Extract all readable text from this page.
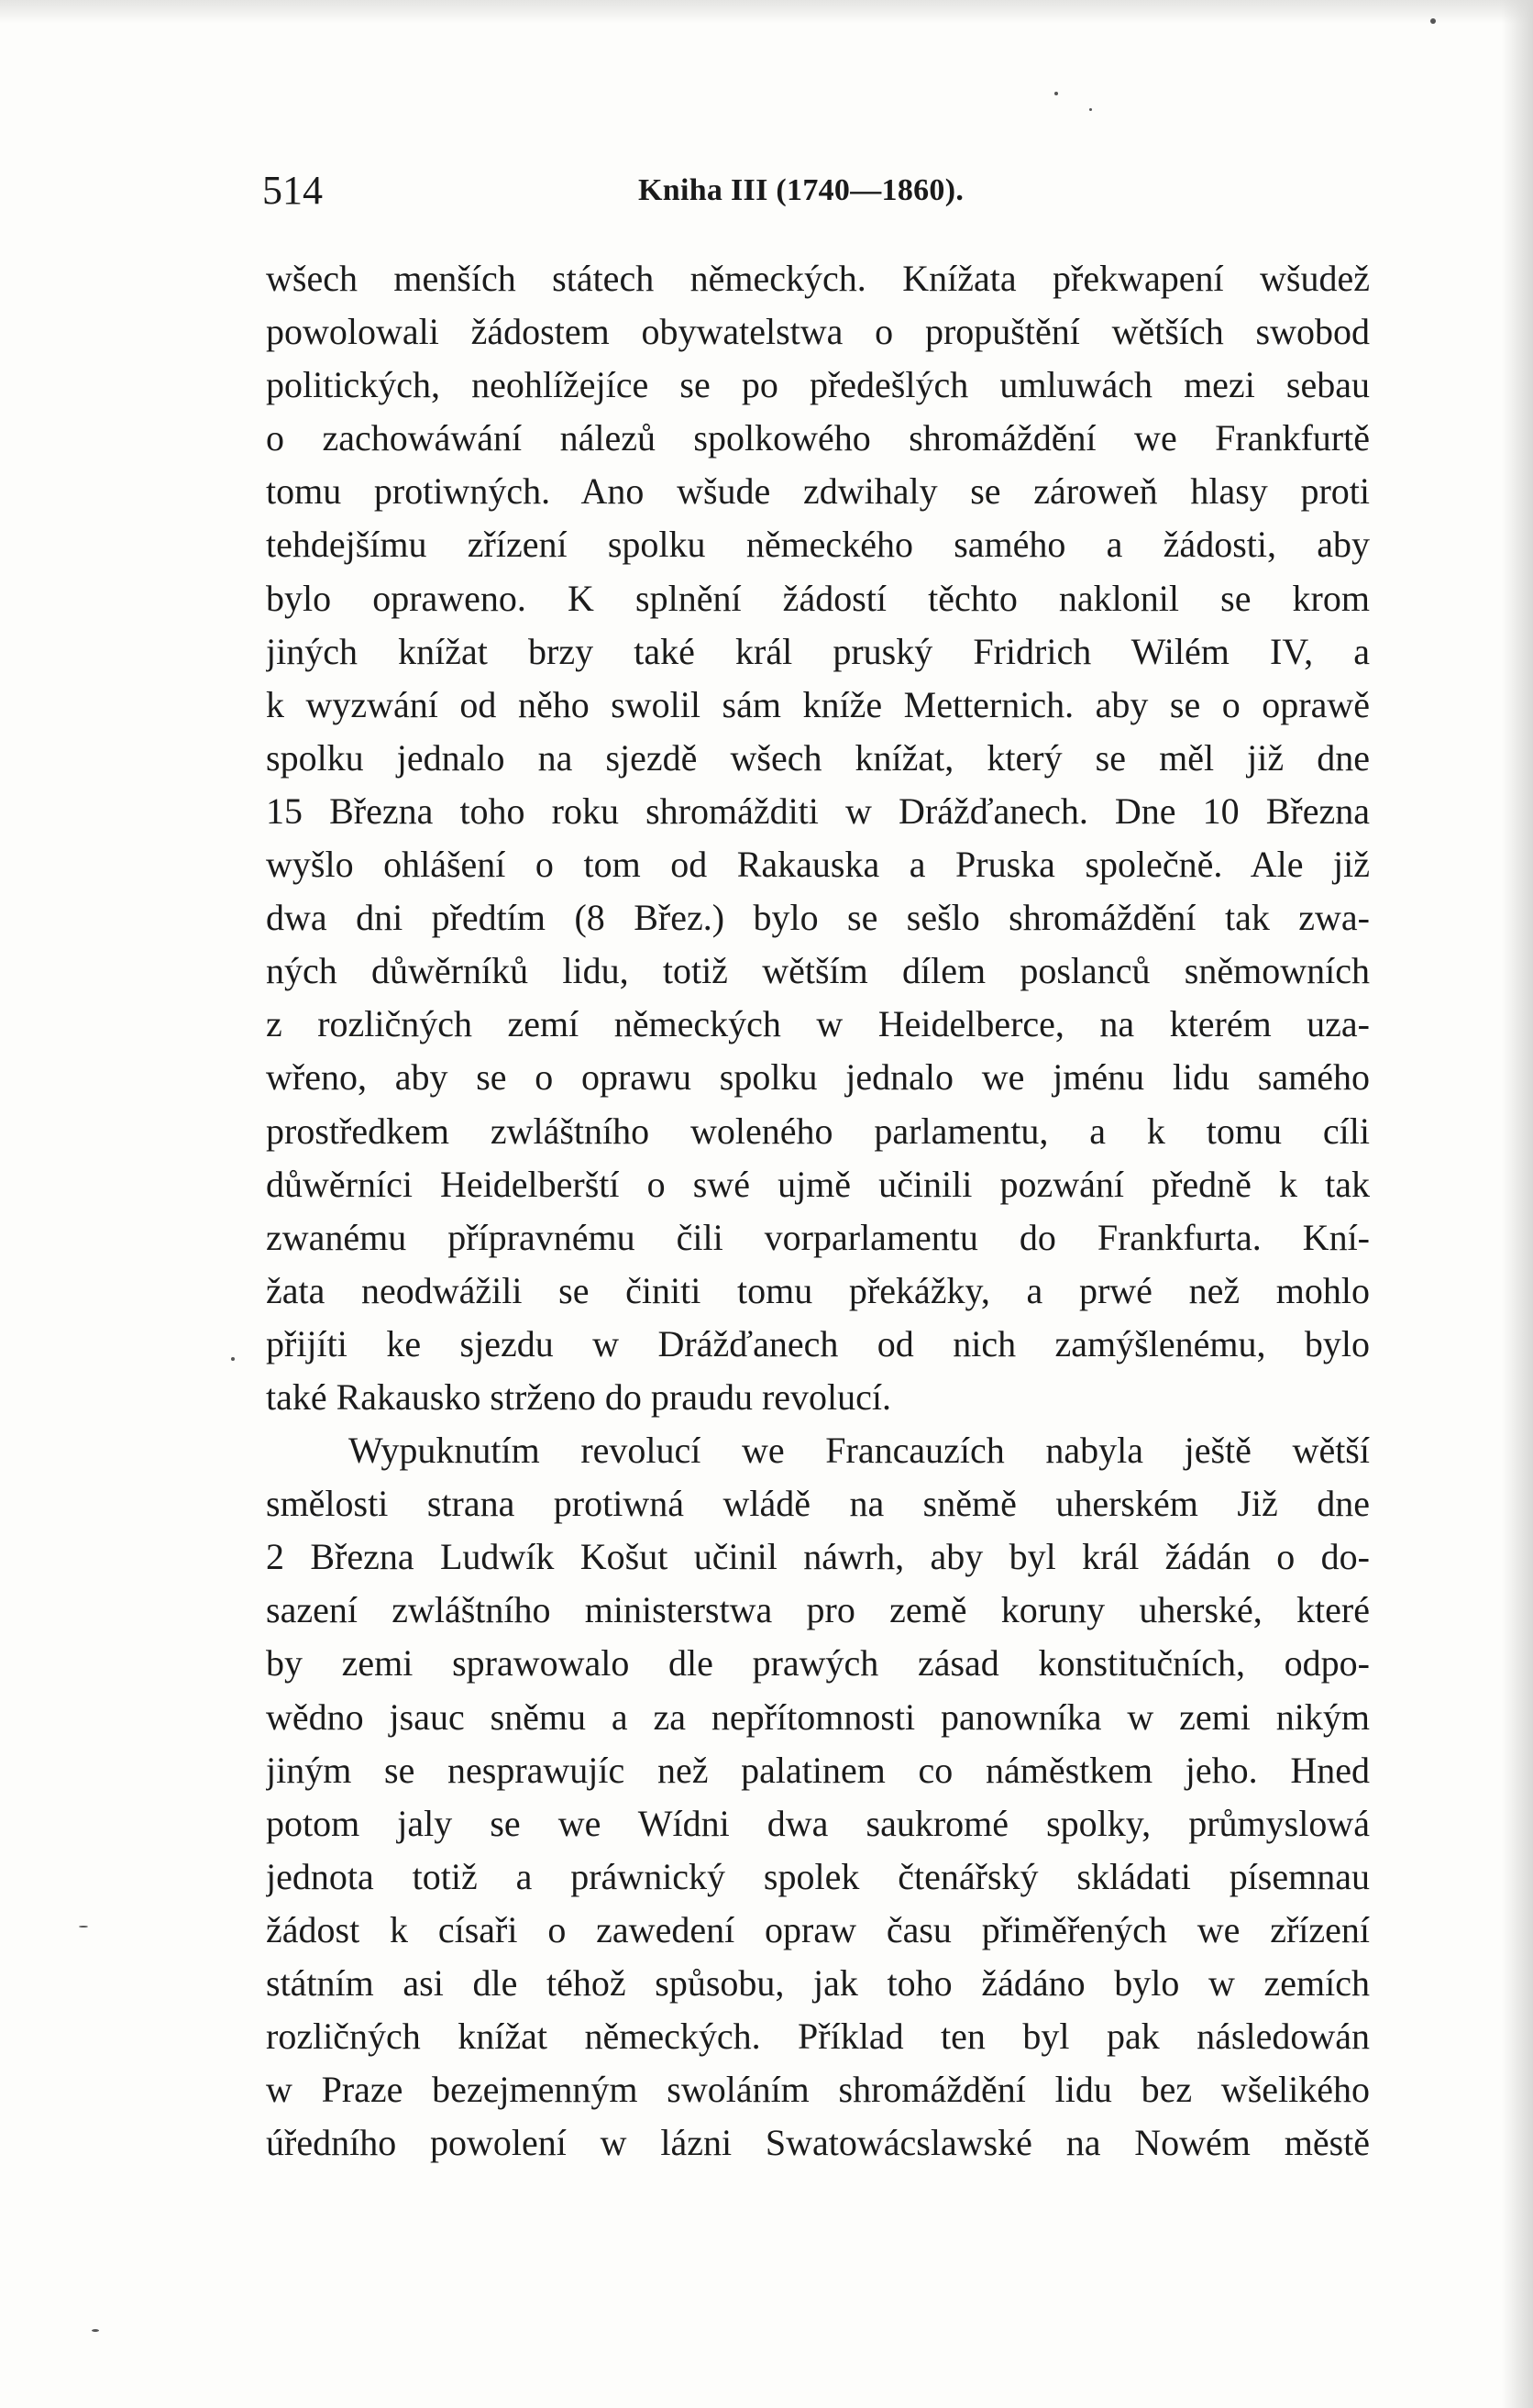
514	Kniha III (1740—1860).
wšech menších státech německých. Knížata překwapení wšudež
powolowali žádostem obywatelstwa o propuštění wětších swobod
politických, neohlížejíce se po předešlých umluwách mezi sebau
o zachowáwání nálezů spolkowého shromáždění we Frankfurtě
tomu protiwných. Ano wšude zdwihaly se zároweň hlasy proti
tehdejšímu zřízení spolku německého samého a žádosti, aby
bylo opraweno. K splnění žádostí těchto naklonil se krom
jiných knížat brzy také král pruský Fridrich Wilém IV, a
k wyzwání od něho swolil sám kníže Metternich. aby se o oprawě
spolku jednalo na sjezdě wšech knížat, který se měl již dne
15 Března toho roku shromážditi w Drážďanech. Dne 10 Března
wyšlo ohlášení o tom od Rakauska a Pruska společně. Ale již
dwa dni předtím (8 Břez.) bylo se sešlo shromáždění tak zwa-
ných důwěrníků lidu, totiž wětším dílem poslanců sněmowních
z rozličných zemí německých w Heidelberce, na kterém uza-
wřeno, aby se o oprawu spolku jednalo we jménu lidu samého
prostředkem zwláštního woleného parlamentu, a k tomu cíli
důwěrníci Heidelberští o swé ujmě učinili pozwání předně k tak
zwanému přípravnému čili vorparlamentu do Frankfurta. Kní-
žata neodwážili se činiti tomu překážky, a prwé než mohlo
přijíti ke sjezdu w Drážďanech od nich zamýšlenému, bylo
také Rakausko strženo do praudu revolucí.
Wypuknutím revolucí we Francauzích nabyla ještě wětší
smělosti strana protiwná wládě na sněmě uherském Již dne
2 Března Ludwík Košut učinil náwrh, aby byl král žádán o do-
sazení zwláštního ministerstwa pro země koruny uherské, které
by zemi sprawowalo dle prawých zásad konstitučních, odpo-
wědno jsauc sněmu a za nepřítomnosti panowníka w zemi nikým
jiným se nesprawujíc než palatinem co náměstkem jeho. Hned
potom jaly se we Wídni dwa saukromé spolky, průmyslowá
jednota totiž a práwnický spolek čtenářský skládati písemnau
žádost k císaři o zawedení opraw času přiměřených we zřízení
státním asi dle téhož spůsobu, jak toho žádáno bylo w zemích
rozličných knížat německých. Příklad ten byl pak následowán
w Praze bezejmenným swoláním shromáždění lidu bez wšelikého
úředního powolení w lázni Swatowácslawské na Nowém městě
